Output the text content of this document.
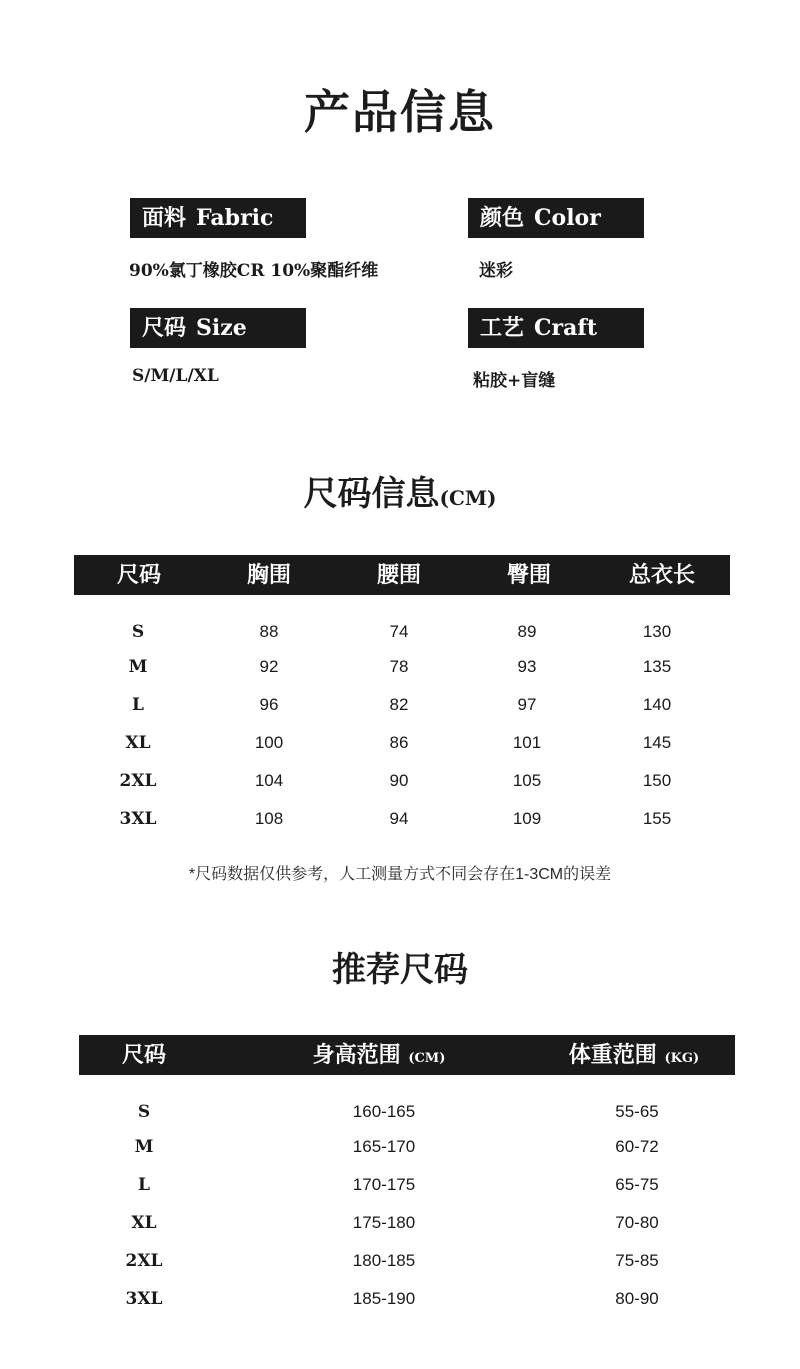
产品信息
面料 Fabric
90%氯丁橡胶CR 10%聚酯纤维
颜色 Color
迷彩
尺码 Size
S/M/L/XL
工艺 Craft
粘胶+盲缝
尺码信息(CM)
尺码	胸围	腰围	臀围	总衣长
S	88	74	89	130
M	92	78	93	135
L	96	82	97	140
XL	100	86	101	145
2XL	104	90	105	150
3XL	108	94	109	155
*尺码数据仅供参考，人工测量方式不同会存在1-3CM的误差
推荐尺码
尺码	身高范围 (CM)	体重范围 (KG)
S	160-165	55-65
M	165-170	60-72
L	170-175	65-75
XL	175-180	70-80
2XL	180-185	75-85
3XL	185-190	80-90
